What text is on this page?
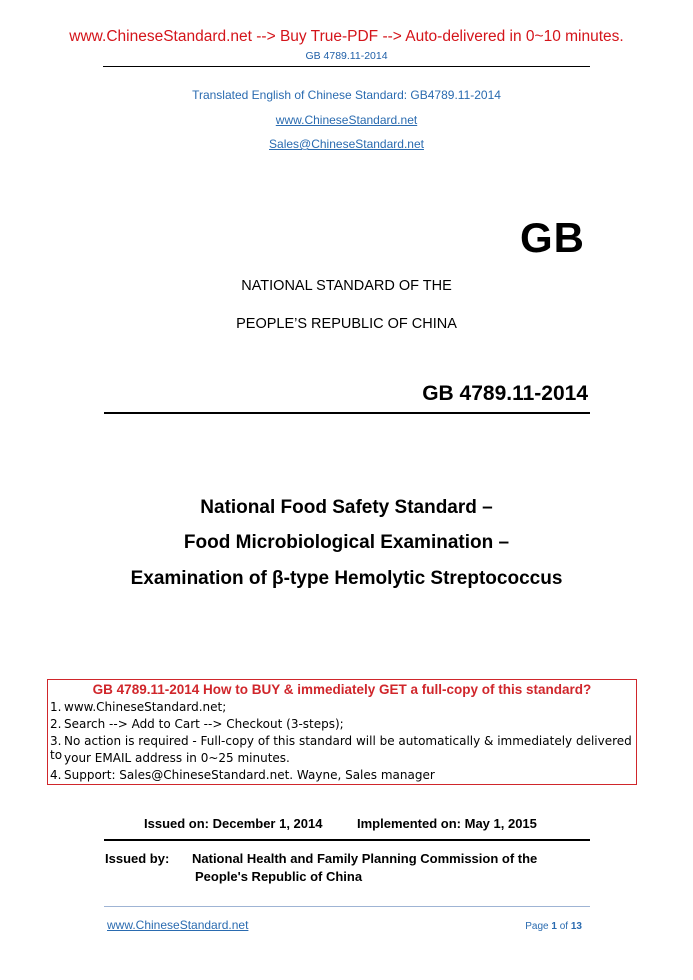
www.ChineseStandard.net --> Buy True-PDF --> Auto-delivered in 0~10 minutes.
GB 4789.11-2014
Translated English of Chinese Standard: GB4789.11-2014
www.ChineseStandard.net
Sales@ChineseStandard.net
GB
NATIONAL STANDARD OF THE
PEOPLE’S REPUBLIC OF CHINA
GB 4789.11-2014
National Food Safety Standard –
Food Microbiological Examination –
Examination of β-type Hemolytic Streptococcus
GB 4789.11-2014 How to BUY & immediately GET a full-copy of this standard?
1. www.ChineseStandard.net;
2. Search --> Add to Cart --> Checkout (3-steps);
3. No action is required - Full-copy of this standard will be automatically & immediately delivered to your EMAIL address in 0~25 minutes.
4. Support: Sales@ChineseStandard.net. Wayne, Sales manager
Issued on: December 1, 2014	Implemented on: May 1, 2015
Issued by: National Health and Family Planning Commission of the
People's Republic of China
www.ChineseStandard.net	Page 1 of 13
